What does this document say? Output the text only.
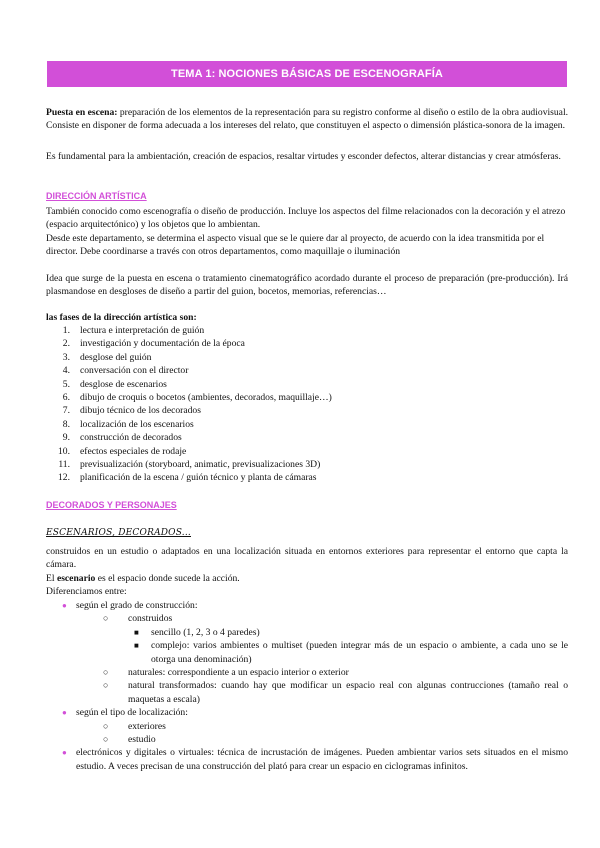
TEMA 1: NOCIONES BÁSICAS DE ESCENOGRAFÍA
Puesta en escena: preparación de los elementos de la representación para su registro conforme al diseño o estilo de la obra audiovisual. Consiste en disponer de forma adecuada a los intereses del relato, que constituyen el aspecto o dimensión plástica-sonora de la imagen.
Es fundamental para la ambientación, creación de espacios, resaltar virtudes y esconder defectos, alterar distancias y crear atmósferas.
DIRECCIÓN ARTÍSTICA
También conocido como escenografía o diseño de producción. Incluye los aspectos del filme relacionados con la decoración y el atrezo (espacio arquitectónico) y los objetos que lo ambientan.
Desde este departamento, se determina el aspecto visual que se le quiere dar al proyecto, de acuerdo con la idea transmitida por el director. Debe coordinarse a través con otros departamentos, como maquillaje o iluminación
Idea que surge de la puesta en escena o tratamiento cinematográfico acordado durante el proceso de preparación (pre-producción). Irá plasmandose en desgloses de diseño a partir del guion, bocetos, memorias, referencias…
las fases de la dirección artística son:
1. lectura e interpretación de guión
2. investigación y documentación de la época
3. desglose del guión
4. conversación con el director
5. desglose de escenarios
6. dibujo de croquis o bocetos (ambientes, decorados, maquillaje…)
7. dibujo técnico de los decorados
8. localización de los escenarios
9. construcción de decorados
10. efectos especiales de rodaje
11. previsualización (storyboard, animatic, previsualizaciones 3D)
12. planificación de la escena / guión técnico y planta de cámaras
DECORADOS Y PERSONAJES
ESCENARIOS, DECORADOS...
construidos en un estudio o adaptados en una localización situada en entornos exteriores para representar el entorno que capta la cámara.
El escenario es el espacio donde sucede la acción.
Diferenciamos entre:
● según el grado de construcción:
○ construidos
■ sencillo (1, 2, 3 o 4 paredes)
■ complejo: varios ambientes o multiset (pueden integrar más de un espacio o ambiente, a cada uno se le otorga una denominación)
○ naturales: correspondiente a un espacio interior o exterior
○ natural transformados: cuando hay que modificar un espacio real con algunas contrucciones (tamaño real o maquetas a escala)
● según el tipo de localización:
○ exteriores
○ estudio
● electrónicos y digitales o virtuales: técnica de incrustación de imágenes. Pueden ambientar varios sets situados en el mismo estudio. A veces precisan de una construcción del plató para crear un espacio en ciclogramas infinitos.
